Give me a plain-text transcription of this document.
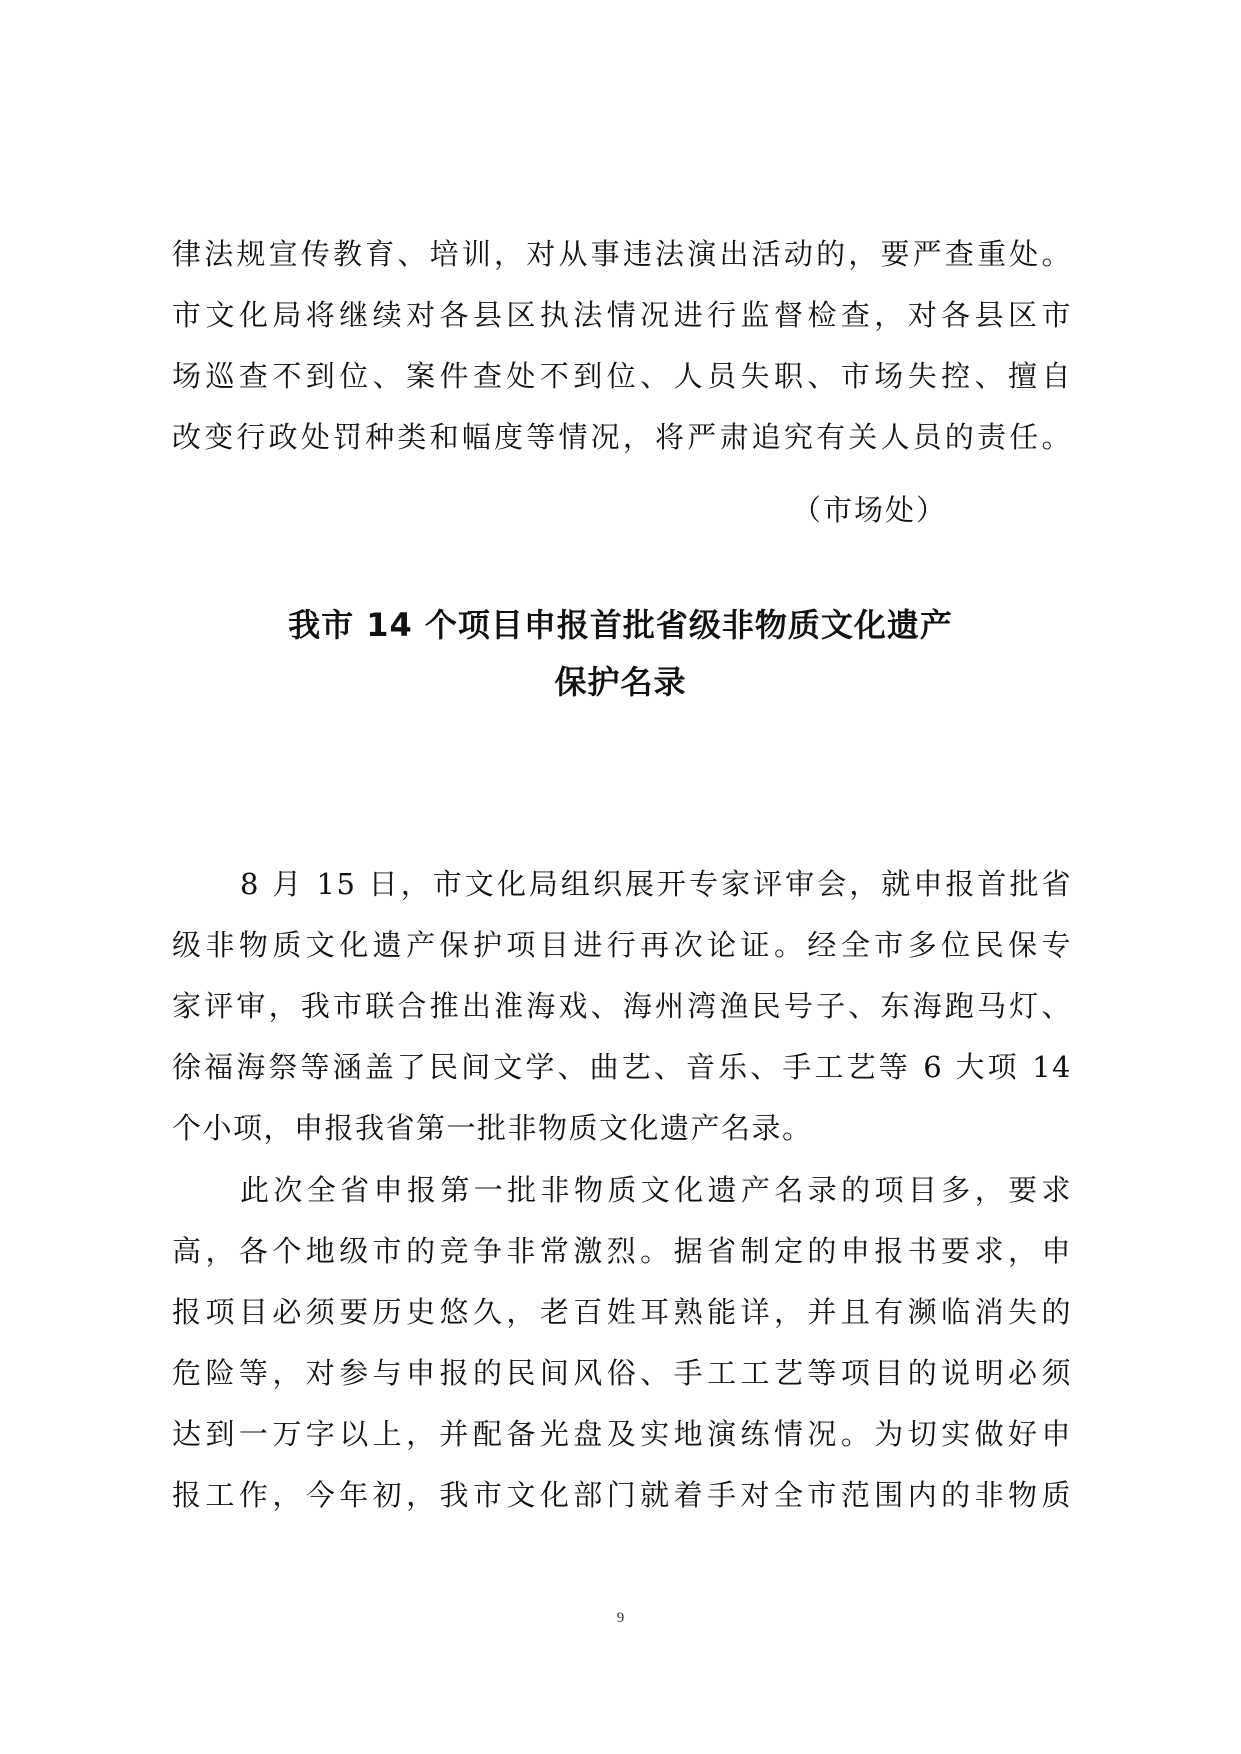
律法规宣传教育、培训，对从事违法演出活动的，要严查重处。
市文化局将继续对各县区执法情况进行监督检查，对各县区市
场巡查不到位、案件查处不到位、人员失职、市场失控、擅自
改变行政处罚种类和幅度等情况，将严肃追究有关人员的责任。
（市场处）
我市 14 个项目申报首批省级非物质文化遗产
保护名录
8 月 15 日，市文化局组织展开专家评审会，就申报首批省
级非物质文化遗产保护项目进行再次论证。经全市多位民保专
家评审，我市联合推出淮海戏、海州湾渔民号子、东海跑马灯、
徐福海祭等涵盖了民间文学、曲艺、音乐、手工艺等 6 大项 14
个小项，申报我省第一批非物质文化遗产名录。
此次全省申报第一批非物质文化遗产名录的项目多，要求
高，各个地级市的竞争非常激烈。据省制定的申报书要求，申
报项目必须要历史悠久，老百姓耳熟能详，并且有濒临消失的
危险等，对参与申报的民间风俗、手工工艺等项目的说明必须
达到一万字以上，并配备光盘及实地演练情况。为切实做好申
报工作，今年初，我市文化部门就着手对全市范围内的非物质
9
